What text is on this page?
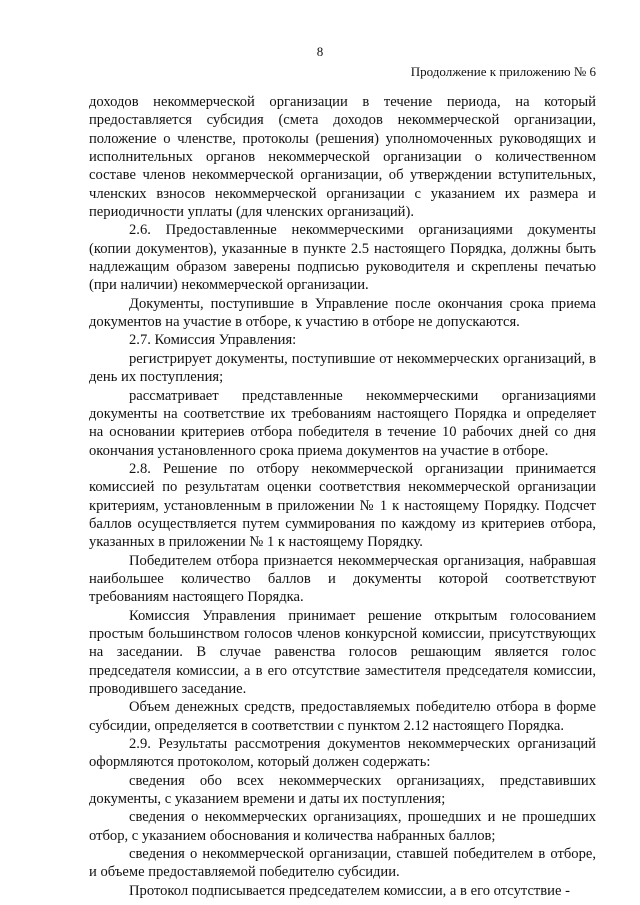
8
Продолжение к приложению № 6

доходов некоммерческой организации в течение периода, на который предоставляется субсидия (смета доходов некоммерческой организации, положение о членстве, протоколы (решения) уполномоченных руководящих и исполнительных органов некоммерческой организации о количественном составе членов некоммерческой организации, об утверждении вступительных, членских взносов некоммерческой организации с указанием их размера и периодичности уплаты (для членских организаций).

2.6. Предоставленные некоммерческими организациями документы (копии документов), указанные в пункте 2.5 настоящего Порядка, должны быть надлежащим образом заверены подписью руководителя и скреплены печатью (при наличии) некоммерческой организации.

Документы, поступившие в Управление после окончания срока приема документов на участие в отборе, к участию в отборе не допускаются.

2.7. Комиссия Управления:

регистрирует документы, поступившие от некоммерческих организаций, в день их поступления;

рассматривает представленные некоммерческими организациями документы на соответствие их требованиям настоящего Порядка и определяет на основании критериев отбора победителя в течение 10 рабочих дней со дня окончания установленного срока приема документов на участие в отборе.

2.8. Решение по отбору некоммерческой организации принимается комиссией по результатам оценки соответствия некоммерческой организации критериям, установленным в приложении № 1 к настоящему Порядку. Подсчет баллов осуществляется путем суммирования по каждому из критериев отбора, указанных в приложении № 1 к настоящему Порядку.

Победителем отбора признается некоммерческая организация, набравшая наибольшее количество баллов и документы которой соответствуют требованиям настоящего Порядка.

Комиссия Управления принимает решение открытым голосованием простым большинством голосов членов конкурсной комиссии, присутствующих на заседании. В случае равенства голосов решающим является голос председателя комиссии, а в его отсутствие заместителя председателя комиссии, проводившего заседание.

Объем денежных средств, предоставляемых победителю отбора в форме субсидии, определяется в соответствии с пунктом 2.12 настоящего Порядка.

2.9. Результаты рассмотрения документов некоммерческих организаций оформляются протоколом, который должен содержать:

сведения обо всех некоммерческих организациях, представивших документы, с указанием времени и даты их поступления;

сведения о некоммерческих организациях, прошедших и не прошедших отбор, с указанием обоснования и количества набранных баллов;

сведения о некоммерческой организации, ставшей победителем в отборе, и объеме предоставляемой победителю субсидии.

Протокол подписывается председателем комиссии, а в его отсутствие -
